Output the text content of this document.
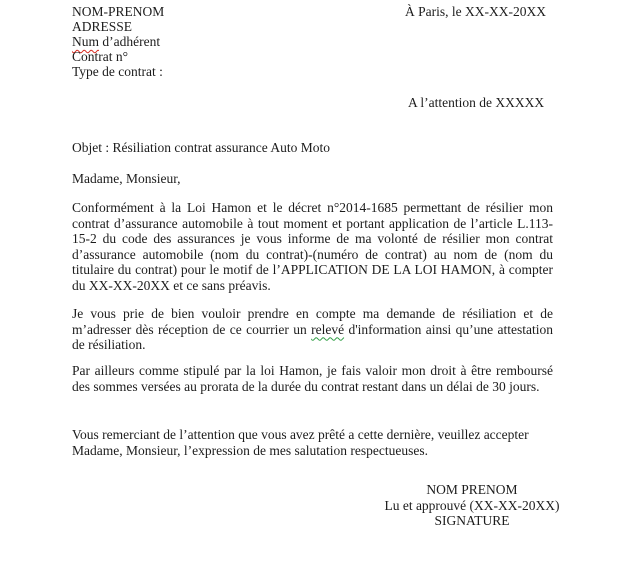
NOM-PRENOM
ADRESSE
Num d’adhérent
Contrat n°
Type de contrat :
À Paris, le XX-XX-20XX
A l’attention de XXXXX
Objet : Résiliation contrat assurance Auto Moto
Madame, Monsieur,
Conformément à la Loi Hamon et le décret n°2014-1685 permettant de résilier mon contrat d’assurance automobile à tout moment et portant application de l’article L.113-15-2 du code des assurances je vous informe de ma volonté de résilier mon contrat d’assurance automobile (nom du contrat)-(numéro de contrat) au nom de (nom du titulaire du contrat) pour le motif de l’APPLICATION DE LA LOI HAMON, à compter du XX-XX-20XX et ce sans préavis.
Je vous prie de bien vouloir prendre en compte ma demande de résiliation et de m’adresser dès réception de ce courrier un relevé d'information ainsi qu’une attestation de résiliation.
Par ailleurs comme stipulé par la loi Hamon, je fais valoir mon droit à être remboursé des sommes versées au prorata de la durée du contrat restant dans un délai de 30 jours.
Vous remerciant de l’attention que vous avez prêté a cette dernière, veuillez accepter Madame, Monsieur, l’expression de mes salutation respectueuses.
NOM PRENOM
Lu et approuvé (XX-XX-20XX)
SIGNATURE
